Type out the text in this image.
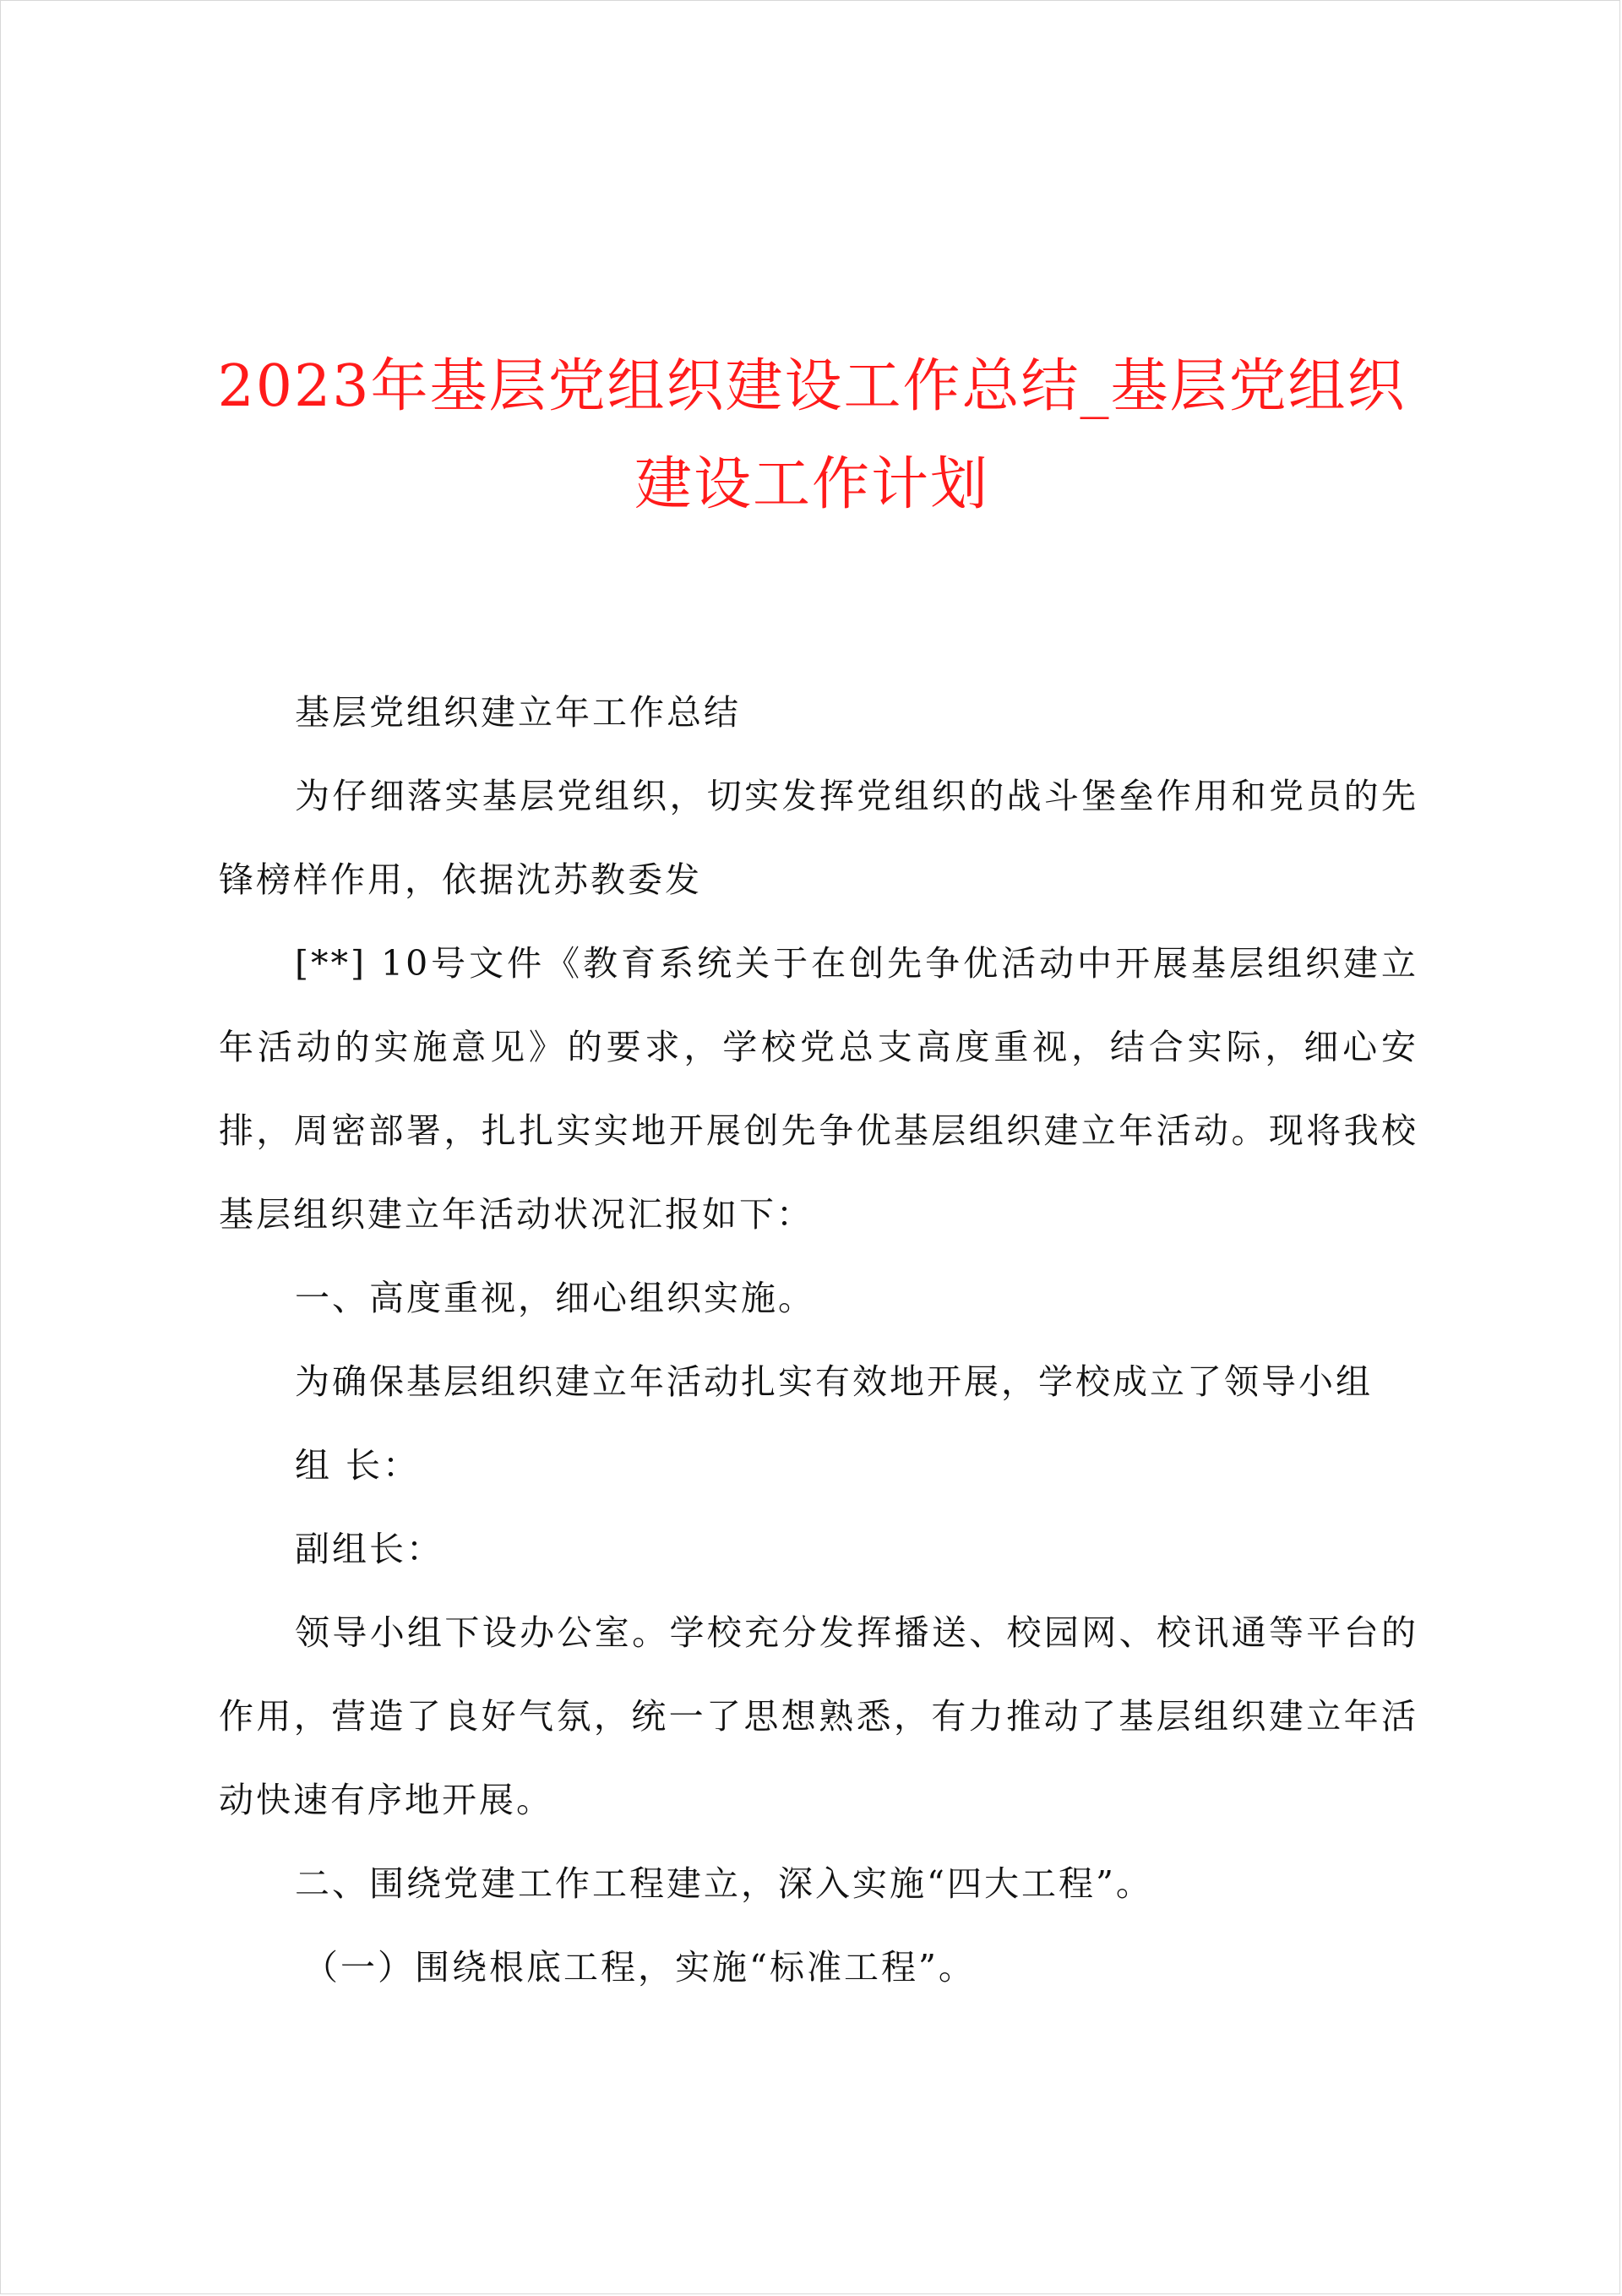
2023年基层党组织建设工作总结_基层党组织
建设工作计划

基层党组织建立年工作总结

为仔细落实基层党组织，切实发挥党组织的战斗堡垒作用和党员的先锋榜样作用，依据沈苏教委发

[**] 10号文件《教育系统关于在创先争优活动中开展基层组织建立年活动的实施意见》的要求，学校党总支高度重视，结合实际，细心安排，周密部署，扎扎实实地开展创先争优基层组织建立年活动。现将我校基层组织建立年活动状况汇报如下：

一、高度重视，细心组织实施。

为确保基层组织建立年活动扎实有效地开展，学校成立了领导小组

组 长：

副组长：

领导小组下设办公室。学校充分发挥播送、校园网、校讯通等平台的作用，营造了良好气氛，统一了思想熟悉，有力推动了基层组织建立年活动快速有序地开展。

二、围绕党建工作工程建立，深入实施“四大工程”。

（一）围绕根底工程，实施“标准工程”。
